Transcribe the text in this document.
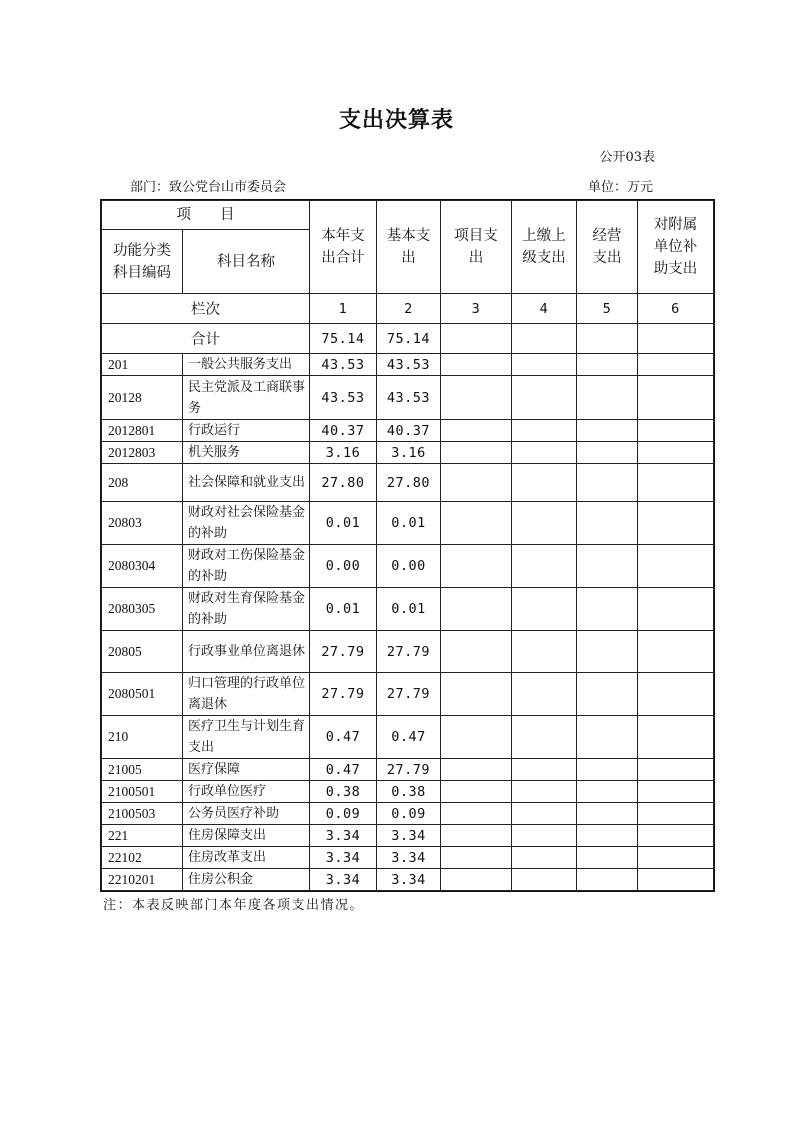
支出决算表
公开03表
部门：致公党台山市委员会	单位：万元
项　　目		本年支出合计	基本支出	项目支出	上缴上级支出	经营支出	对附属单位补助支出

功能分类科目编码	科目名称						
栏次		1	2	3	4	5	6
合计		75.14	75.14				
201	一般公共服务支出	43.53	43.53				
20128	民主党派及工商联事务	43.53	43.53				
2012801	行政运行	40.37	40.37				
2012803	机关服务	3.16	3.16				
208	社会保障和就业支出	27.80	27.80				
20803	财政对社会保险基金的补助	0.01	0.01				
2080304	财政对工伤保险基金的补助	0.00	0.00				
2080305	财政对生育保险基金的补助	0.01	0.01				
20805	行政事业单位离退休	27.79	27.79				
2080501	归口管理的行政单位离退休	27.79	27.79				
210	医疗卫生与计划生育支出	0.47	0.47				
21005	医疗保障	0.47	27.79				
2100501	行政单位医疗	0.38	0.38				
2100503	公务员医疗补助	0.09	0.09				
221	住房保障支出	3.34	3.34				
22102	住房改革支出	3.34	3.34				
2210201	住房公积金	3.34	3.34				
注：本表反映部门本年度各项支出情况。
